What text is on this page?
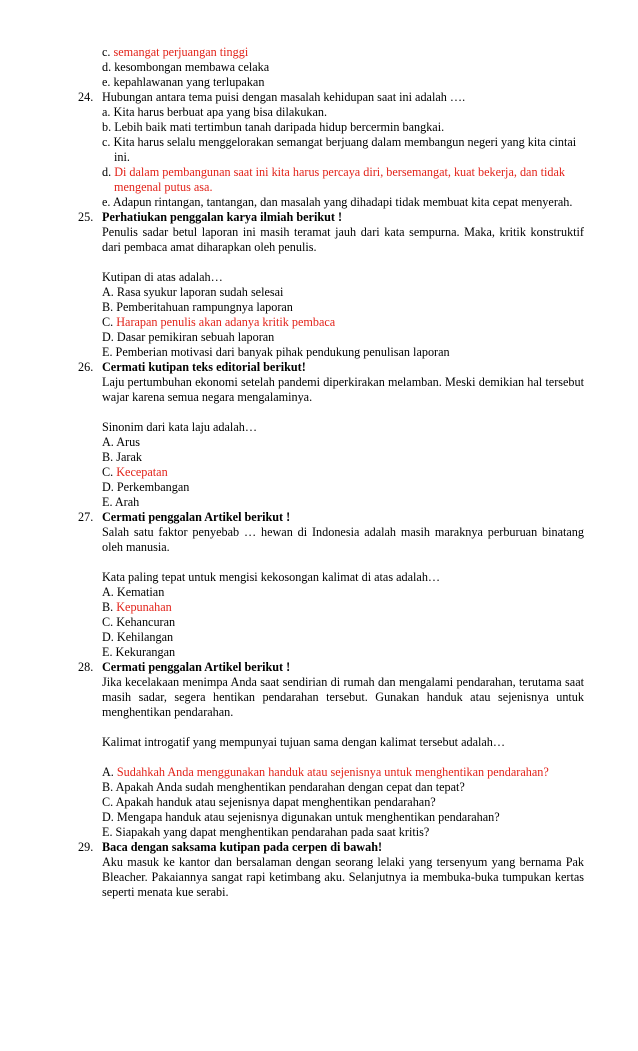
c. semangat perjuangan tinggi
d. kesombongan membawa celaka
e. kepahlawanan yang terlupakan
24. Hubungan antara tema puisi dengan masalah kehidupan saat ini adalah ….
a. Kita harus berbuat apa yang bisa dilakukan.
b. Lebih baik mati tertimbun tanah daripada hidup bercermin bangkai.
c. Kita harus selalu menggelorakan semangat berjuang dalam membangun negeri yang kita cintai
ini.
d. Di dalam pembangunan saat ini kita harus percaya diri, bersemangat, kuat bekerja, dan tidak
mengenal putus asa.
e. Adapun rintangan, tantangan, dan masalah yang dihadapi tidak membuat kita cepat menyerah.
25. Perhatiukan penggalan karya ilmiah berikut !
Penulis sadar betul laporan ini masih teramat jauh dari kata sempurna. Maka, kritik konstruktif dari pembaca amat diharapkan oleh penulis.
Kutipan di atas adalah…
A. Rasa syukur laporan sudah selesai
B. Pemberitahuan rampungnya laporan
C. Harapan penulis akan adanya kritik pembaca
D. Dasar pemikiran sebuah laporan
E. Pemberian motivasi dari banyak pihak pendukung penulisan laporan
26. Cermati kutipan teks editorial berikut!
Laju pertumbuhan ekonomi setelah pandemi diperkirakan melamban. Meski demikian hal tersebut wajar karena semua negara mengalaminya.
Sinonim dari kata laju adalah…
A. Arus
B. Jarak
C. Kecepatan
D. Perkembangan
E. Arah
27. Cermati penggalan Artikel berikut !
Salah satu faktor penyebab … hewan di Indonesia adalah masih maraknya perburuan binatang oleh manusia.
Kata paling tepat untuk mengisi kekosongan kalimat di atas adalah…
A. Kematian
B. Kepunahan
C. Kehancuran
D. Kehilangan
E. Kekurangan
28. Cermati penggalan Artikel berikut !
Jika kecelakaan menimpa Anda saat sendirian di rumah dan mengalami pendarahan, terutama saat masih sadar, segera hentikan pendarahan tersebut. Gunakan handuk atau sejenisnya untuk menghentikan pendarahan.
Kalimat introgatif yang mempunyai tujuan sama dengan kalimat tersebut adalah…
A. Sudahkah Anda menggunakan handuk atau sejenisnya untuk menghentikan pendarahan?
B. Apakah Anda sudah menghentikan pendarahan dengan cepat dan tepat?
C. Apakah handuk atau sejenisnya dapat menghentikan pendarahan?
D. Mengapa handuk atau sejenisnya digunakan untuk menghentikan pendarahan?
E. Siapakah yang dapat menghentikan pendarahan pada saat kritis?
29. Baca dengan saksama kutipan pada cerpen di bawah!
Aku masuk ke kantor dan bersalaman dengan seorang lelaki yang tersenyum yang bernama Pak Bleacher. Pakaiannya sangat rapi ketimbang aku. Selanjutnya ia membuka-buka tumpukan kertas seperti menata kue serabi.
